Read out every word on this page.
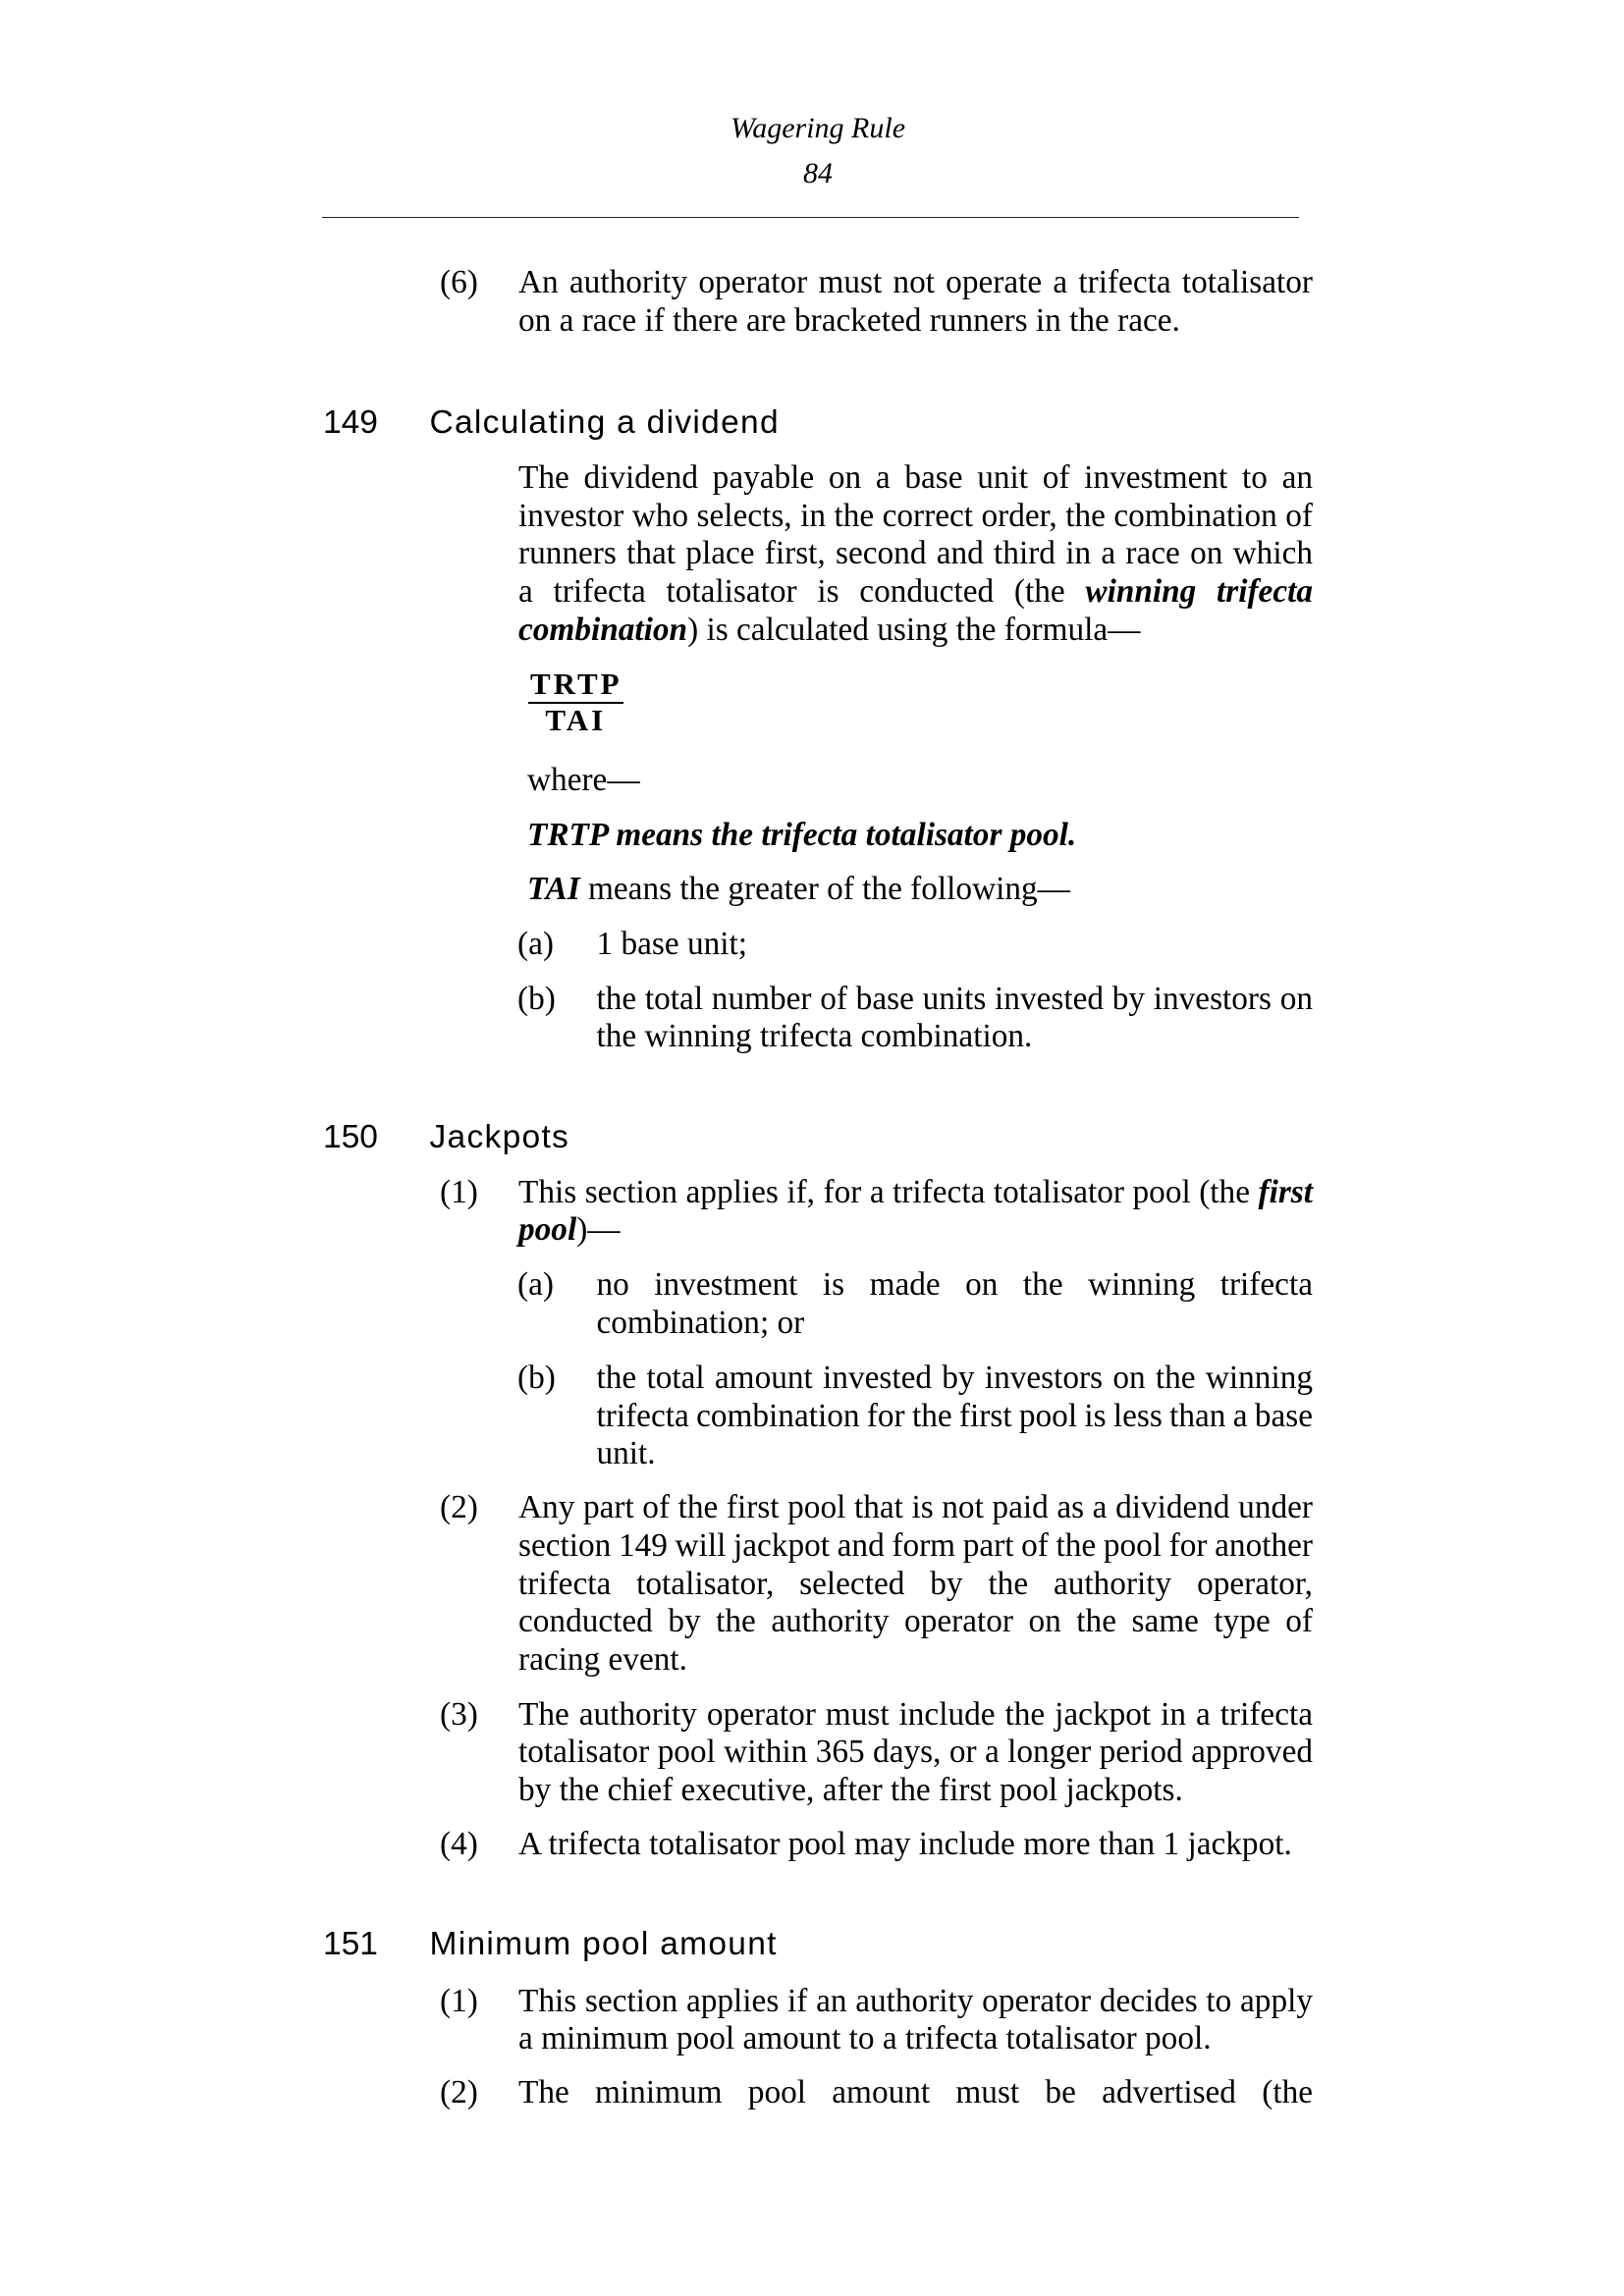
Wagering Rule
84
(6) An authority operator must not operate a trifecta totalisator
on a race if there are bracketed runners in the race.
149 Calculating a dividend
The dividend payable on a base unit of investment to an
investor who selects, in the correct order, the combination of
runners that place first, second and third in a race on which
a trifecta totalisator is conducted (the winning trifecta
combination) is calculated using the formula—
TRTP
TAI
where—
TRTP means the trifecta totalisator pool.
TAI means the greater of the following—
(a) 1 base unit;
(b) the total number of base units invested by investors on
the winning trifecta combination.
150 Jackpots
(1) This section applies if, for a trifecta totalisator pool (the first
pool)—
(a) no investment is made on the winning trifecta
combination; or
(b) the total amount invested by investors on the winning
trifecta combination for the first pool is less than a base
unit.
(2) Any part of the first pool that is not paid as a dividend under
section 149 will jackpot and form part of the pool for another
trifecta totalisator, selected by the authority operator,
conducted by the authority operator on the same type of
racing event.
(3) The authority operator must include the jackpot in a trifecta
totalisator pool within 365 days, or a longer period approved
by the chief executive, after the first pool jackpots.
(4) A trifecta totalisator pool may include more than 1 jackpot.
151 Minimum pool amount
(1) This section applies if an authority operator decides to apply
a minimum pool amount to a trifecta totalisator pool.
(2) The minimum pool amount must be advertised (the
